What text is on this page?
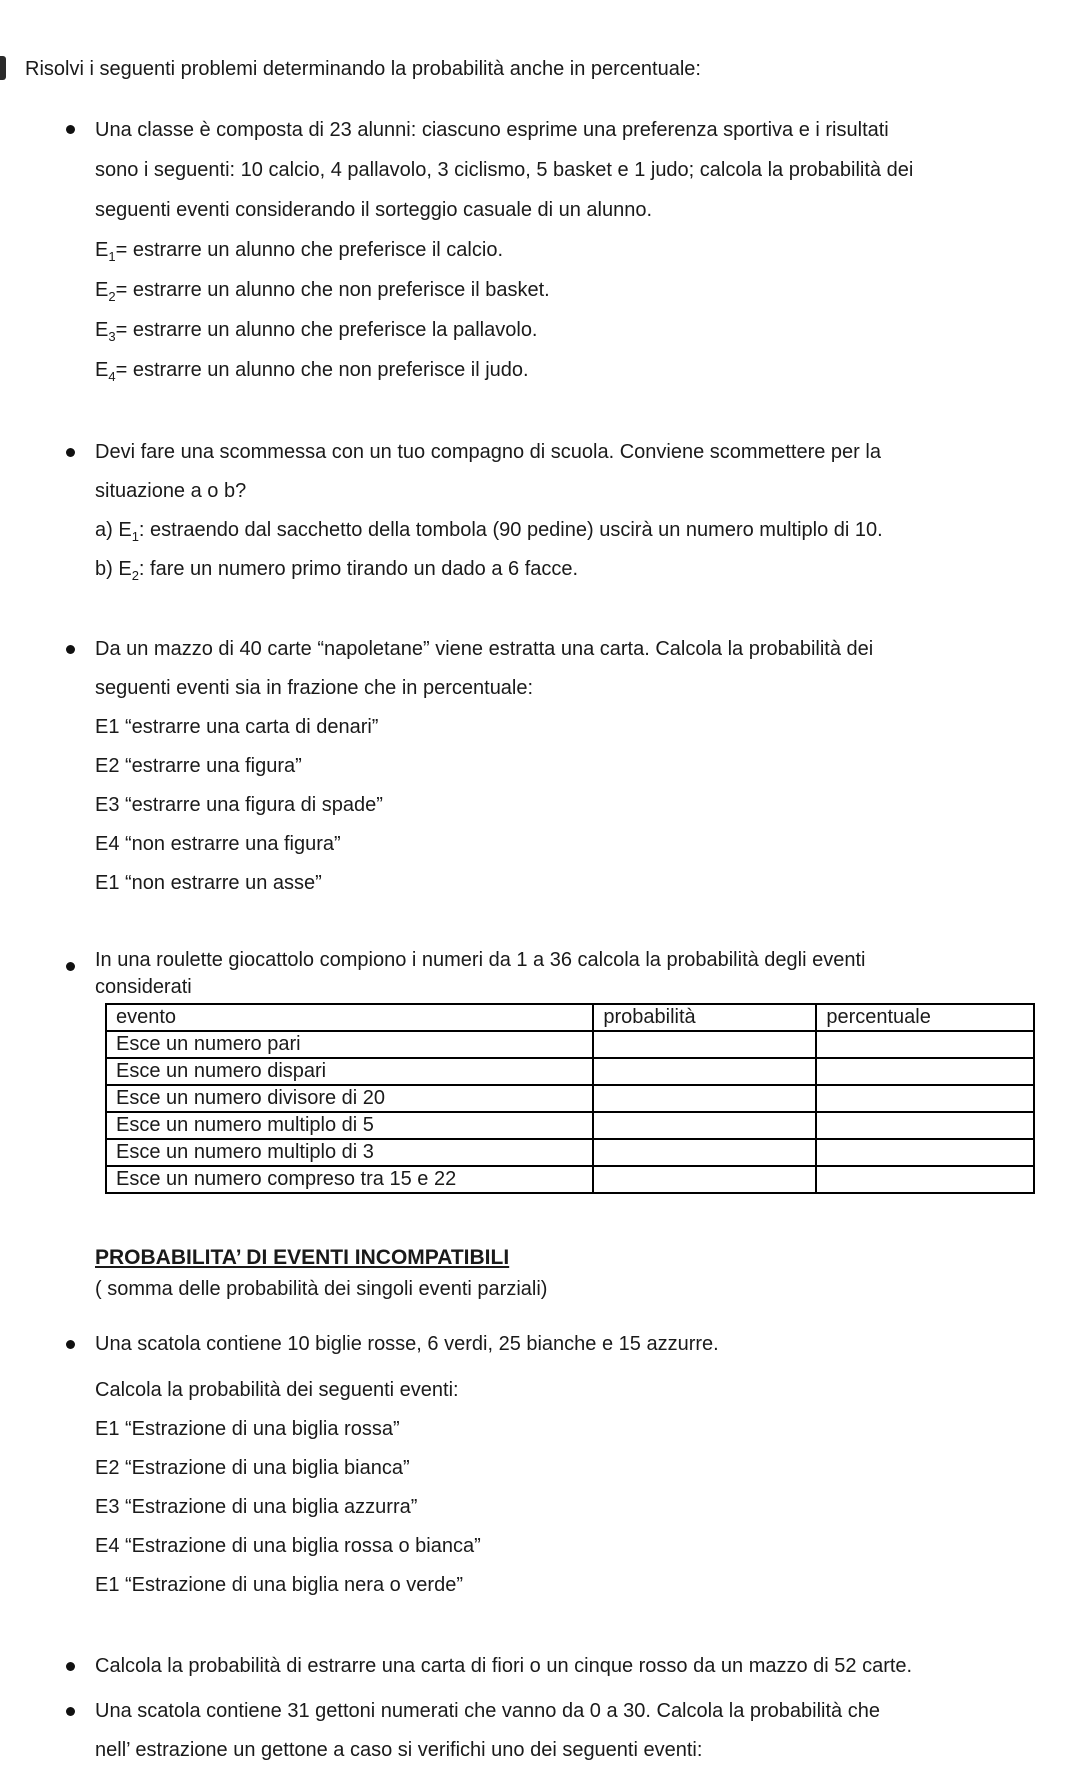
Risolvi i seguenti problemi determinando la probabilità anche in percentuale:

Una classe è composta di 23 alunni: ciascuno esprime una preferenza sportiva e i risultati
sono i seguenti: 10 calcio, 4 pallavolo, 3 ciclismo, 5 basket e 1 judo; calcola la probabilità dei
seguenti eventi considerando il sorteggio casuale di un alunno.
$E_1=$ estrarre un alunno che preferisce il calcio.
$E_2=$ estrarre un alunno che non preferisce il basket.
$E_3=$ estrarre un alunno che preferisce la pallavolo.
$E_4=$ estrarre un alunno che non preferisce il judo.
Devi fare una scommessa con un tuo compagno di scuola. Conviene scommettere per la
situazione a o b?
a) $E_1$: estraendo dal sacchetto della tombola (90 pedine) uscirà un numero multiplo di 10.
b) $E_2$: fare un numero primo tirando un dado a 6 facce.
Da un mazzo di 40 carte “napoletane” viene estratta una carta. Calcola la probabilità dei
seguenti eventi sia in frazione che in percentuale:
E1 “estrarre una carta di denari”
E2 “estrarre una figura”
E3 “estrarre una figura di spade”
E4 “non estrarre una figura”
E1 “non estrarre un asse”
In una roulette giocattolo compiono i numeri da 1 a 36 calcola la probabilità degli eventi
considerati
evento	probabilità	percentuale
Esce un numero pari		
Esce un numero dispari		
Esce un numero divisore di 20		
Esce un numero multiplo di 5		
Esce un numero multiplo di 3		
Esce un numero compreso tra 15 e 22		
PROBABILITA’ DI EVENTI INCOMPATIBILI
( somma delle probabilità dei singoli eventi parziali)
Una scatola contiene 10 biglie rosse, 6 verdi, 25 bianche e 15 azzurre.
Calcola la probabilità dei seguenti eventi:
E1 “Estrazione di una biglia rossa”
E2 “Estrazione di una biglia bianca”
E3 “Estrazione di una biglia azzurra”
E4 “Estrazione di una biglia rossa o bianca”
E1 “Estrazione di una biglia nera o verde”
Calcola la probabilità di estrarre una carta di fiori o un cinque rosso da un mazzo di 52 carte.
Una scatola contiene 31 gettoni numerati che vanno da 0 a 30. Calcola la probabilità che
nell’ estrazione un gettone a caso si verifichi uno dei seguenti eventi:
